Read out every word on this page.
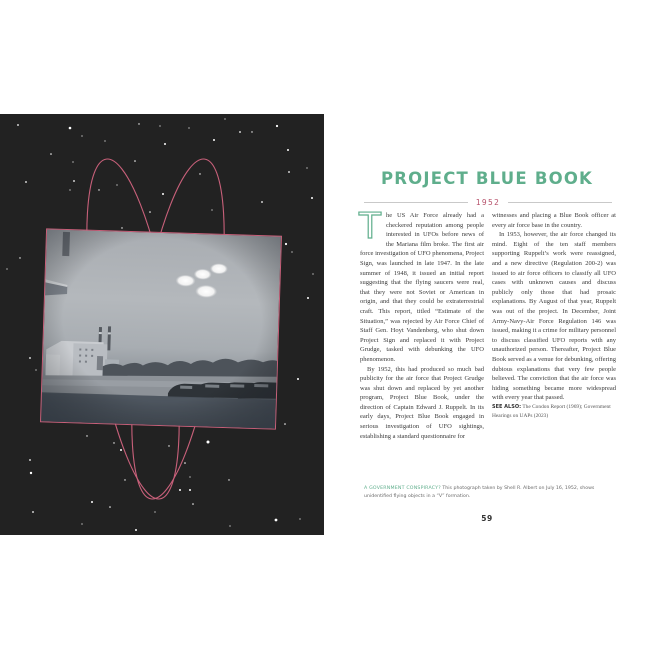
PROJECT BLUE BOOK
1952

The US Air Force already had a checkered reputation among people interested in UFOs before news of the Mariana film broke. The first air force investigation of UFO phenomena, Project Sign, was launched in late 1947. In the late summer of 1948, it issued an initial report suggesting that the flying saucers were real, that they were not Soviet or American in origin, and that they could be extraterrestrial craft. This report, titled “Estimate of the Situation,” was rejected by Air Force Chief of Staff Gen. Hoyt Vandenberg, who shut down Project Sign and replaced it with Project Grudge, tasked with debunking the UFO phenomenon.

By 1952, this had produced so much bad publicity for the air force that Project Grudge was shut down and replaced by yet another program, Project Blue Book, under the direction of Captain Edward J. Ruppelt. In its early days, Project Blue Book engaged in serious investigation of UFO sightings, establishing a standard questionnaire for

witnesses and placing a Blue Book officer at every air force base in the country.

In 1953, however, the air force changed its mind. Eight of the ten staff members supporting Ruppelt’s work were reassigned, and a new directive (Regulation 200-2) was issued to air force officers to classify all UFO cases with unknown causes and discuss publicly only those that had prosaic explanations. By August of that year, Ruppelt was out of the project. In December, Joint Army-Navy-Air Force Regulation 146 was issued, making it a crime for military personnel to discuss classified UFO reports with any unauthorized person. Thereafter, Project Blue Book served as a venue for debunking, offering dubious explanations that very few people believed. The conviction that the air force was hiding something became more widespread with every year that passed.

SEE ALSO: The Condon Report (1969); Government Hearings on UAPs (2023)

A GOVERNMENT CONSPIRACY? This photograph taken by Shell R. Albert on July 16, 1952, shows unidentified flying objects in a “V” formation.
59
